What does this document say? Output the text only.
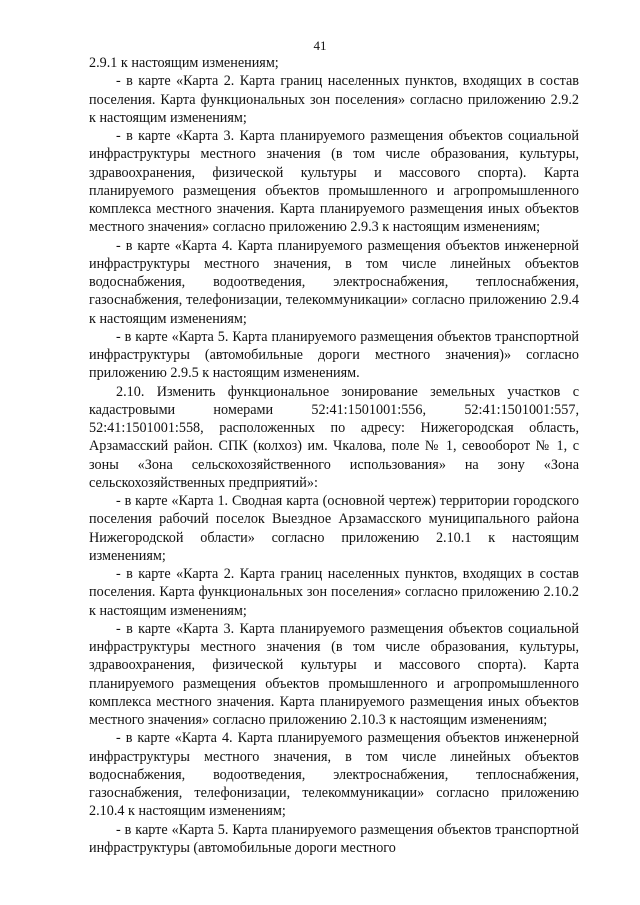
41

2.9.1 к настоящим изменениям;

- в карте «Карта 2. Карта границ населенных пунктов, входящих в состав поселения. Карта функциональных зон поселения» согласно приложению 2.9.2 к настоящим изменениям;

- в карте «Карта 3. Карта планируемого размещения объектов социальной инфраструктуры местного значения (в том числе образования, культуры, здравоохранения, физической культуры и массового спорта). Карта планируемого размещения объектов промышленного и агропромышленного комплекса местного значения. Карта планируемого размещения иных объектов местного значения» согласно приложению 2.9.3 к настоящим изменениям;

- в карте «Карта 4. Карта планируемого размещения объектов инженерной инфраструктуры местного значения, в том числе линейных объектов водоснабжения, водоотведения, электроснабжения, теплоснабжения, газоснабжения, телефонизации, телекоммуникации» согласно приложению 2.9.4 к настоящим изменениям;

- в карте «Карта 5. Карта планируемого размещения объектов транспортной инфраструктуры (автомобильные дороги местного значения)» согласно приложению 2.9.5 к настоящим изменениям.

2.10. Изменить функциональное зонирование земельных участков с кадастровыми номерами 52:41:1501001:556, 52:41:1501001:557, 52:41:1501001:558, расположенных по адресу: Нижегородская область, Арзамасский район. СПК (колхоз) им. Чкалова, поле № 1, севооборот № 1, с зоны «Зона сельскохозяйственного использования» на зону «Зона сельскохозяйственных предприятий»:

- в карте «Карта 1. Сводная карта (основной чертеж) территории городского поселения рабочий поселок Выездное Арзамасского муниципального района Нижегородской области» согласно приложению 2.10.1 к настоящим изменениям;

- в карте «Карта 2. Карта границ населенных пунктов, входящих в состав поселения. Карта функциональных зон поселения» согласно приложению 2.10.2 к настоящим изменениям;

- в карте «Карта 3. Карта планируемого размещения объектов социальной инфраструктуры местного значения (в том числе образования, культуры, здравоохранения, физической культуры и массового спорта). Карта планируемого размещения объектов промышленного и агропромышленного комплекса местного значения. Карта планируемого размещения иных объектов местного значения» согласно приложению 2.10.3 к настоящим изменениям;

- в карте «Карта 4. Карта планируемого размещения объектов инженерной инфраструктуры местного значения, в том числе линейных объектов водоснабжения, водоотведения, электроснабжения, теплоснабжения, газоснабжения, телефонизации, телекоммуникации» согласно приложению 2.10.4 к настоящим изменениям;

- в карте «Карта 5. Карта планируемого размещения объектов транспортной инфраструктуры (автомобильные дороги местного
